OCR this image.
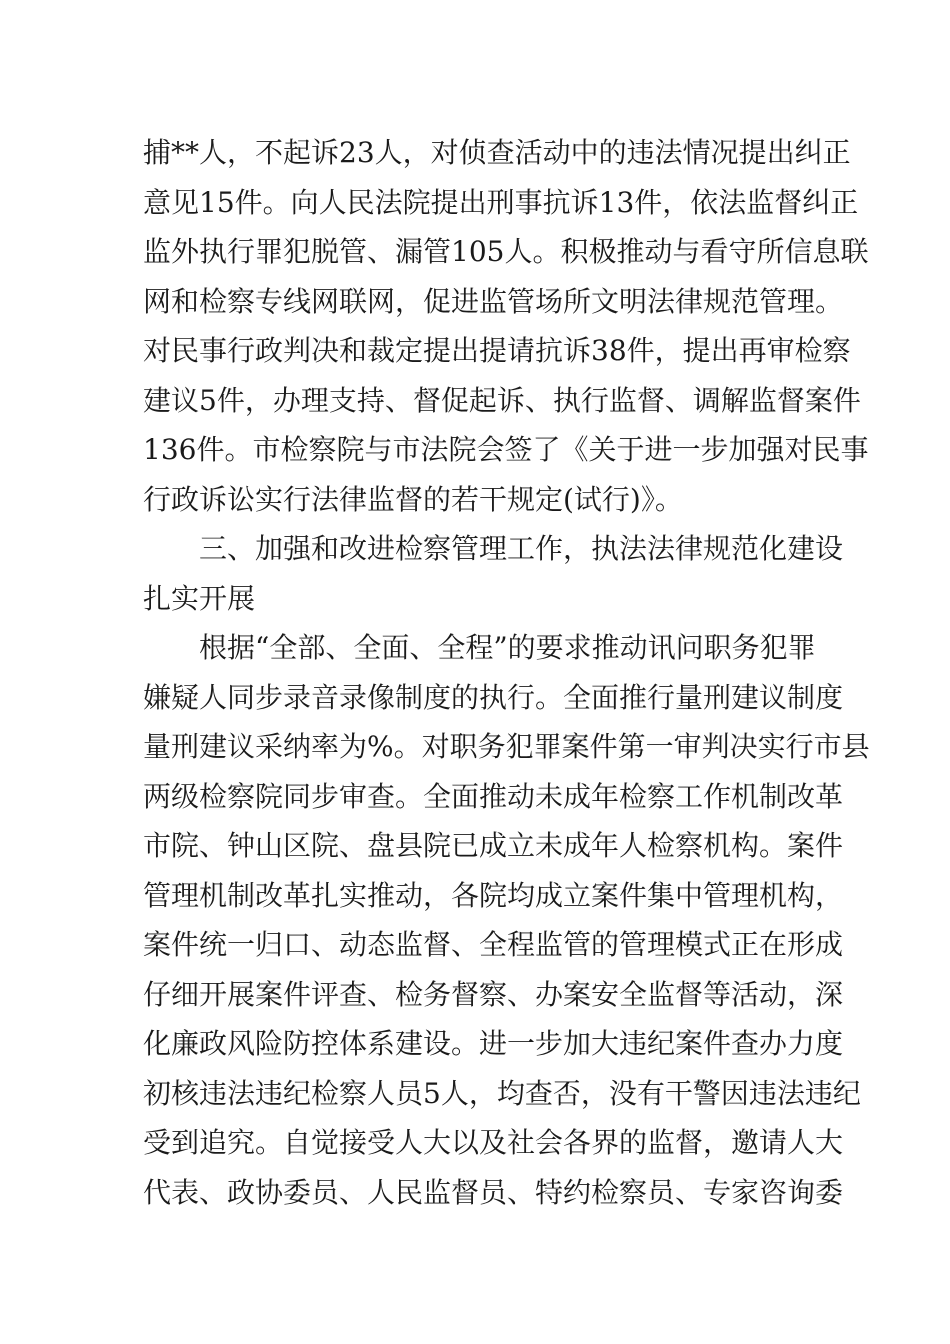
捕**人，不起诉23人，对侦查活动中的违法情况提出纠正
意见15件。向人民法院提出刑事抗诉13件，依法监督纠正
监外执行罪犯脱管、漏管105人。积极推动与看守所信息联
网和检察专线网联网，促进监管场所文明法律规范管理。
对民事行政判决和裁定提出提请抗诉38件，提出再审检察
建议5件，办理支持、督促起诉、执行监督、调解监督案件
136件。市检察院与市法院会签了《关于进一步加强对民事
行政诉讼实行法律监督的若干规定(试行)》。
三、加强和改进检察管理工作，执法法律规范化建设
扎实开展
根据“全部、全面、全程”的要求推动讯问职务犯罪
嫌疑人同步录音录像制度的执行。全面推行量刑建议制度
量刑建议采纳率为%。对职务犯罪案件第一审判决实行市县
两级检察院同步审查。全面推动未成年检察工作机制改革
市院、钟山区院、盘县院已成立未成年人检察机构。案件
管理机制改革扎实推动，各院均成立案件集中管理机构，
案件统一归口、动态监督、全程监管的管理模式正在形成
仔细开展案件评查、检务督察、办案安全监督等活动，深
化廉政风险防控体系建设。进一步加大违纪案件查办力度
初核违法违纪检察人员5人，均查否，没有干警因违法违纪
受到追究。自觉接受人大以及社会各界的监督，邀请人大
代表、政协委员、人民监督员、特约检察员、专家咨询委
